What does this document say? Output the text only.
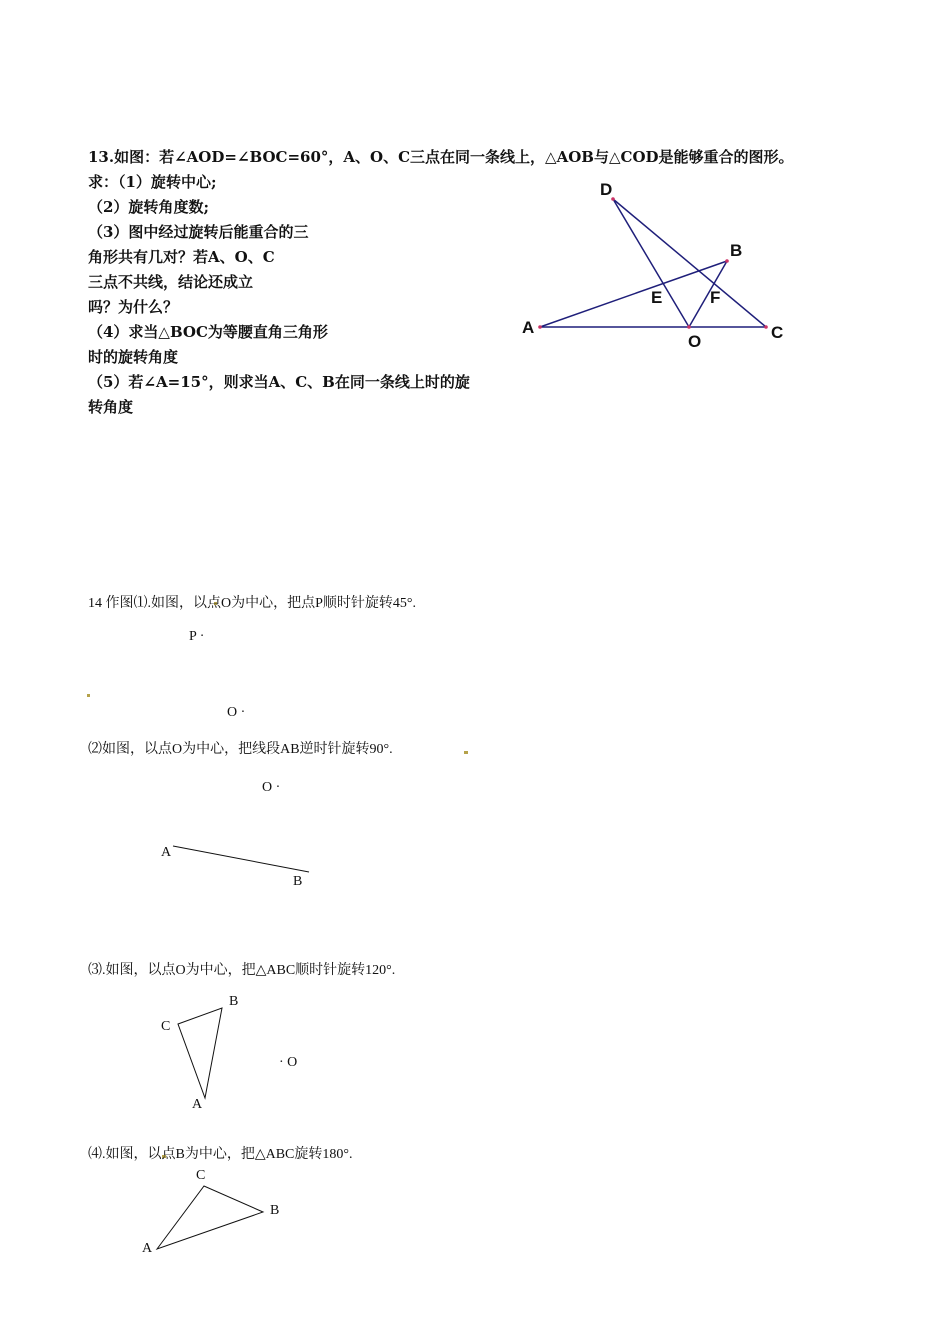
13.如图：若∠AOD=∠BOC=60°，A、O、C三点在同一条线上，△AOB与△COD是能够重合的图形。
求：（1）旋转中心;
（2）旋转角度数;
（3）图中经过旋转后能重合的三
角形共有几对？若A、O、C
三点不共线，结论还成立
吗？为什么？
（4）求当△BOC为等腰直角三角形
时的旋转角度
（5）若∠A=15°，则求当A、C、B在同一条线上时的旋
转角度
D
B
E	F
A
O	C
14 作图⑴.如图，以点O为中心，把点P顺时针旋转45°.
P ·
O ·
⑵如图，以点O为中心，把线段AB逆时针旋转90°.
O ·
A
B
⑶.如图，以点O为中心，把△ABC顺时针旋转120°.
B
C
A
· O
⑷.如图，以点B为中心，把△ABC旋转180°.
C
B
A
